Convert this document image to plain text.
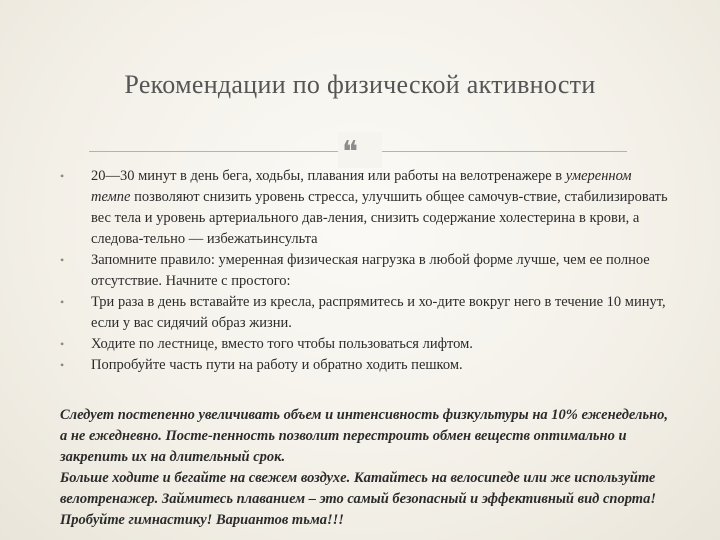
Рекомендации по физической активности
❝
•	20—30 минут в день бега, ходьбы, плавания или работы на велотренажере в умеренном темпе позволяют снизить уровень стресса, улучшить общее самочув-ствие, стабилизировать вес тела и уровень артериального дав-ления, снизить содержание холестерина в крови, а следова-тельно — избежатьинсульта
•	Запомните правило: умеренная физическая нагрузка в любой форме лучше, чем ее полное отсутствие. Начните с простого:
•	Три раза в день вставайте из кресла, распрямитесь и хо-дите вокруг него в течение 10 минут, если у вас сидячий образ жизни.
•	Ходите по лестнице, вместо того чтобы пользоваться лифтом.
•	Попробуйте часть пути на работу и обратно ходить пешком.

Следует постепенно увеличивать объем и интенсивность физкультуры на 10% еженедельно, а не ежедневно. Посте-пенность позволит перестроить обмен веществ оптимально и закрепить их на длительный срок.

Больше ходите и бегайте на свежем воздухе. Катайтесь на велосипеде или же используйте велотренажер. Займитесь плаванием – это самый безопасный и эффективный вид спорта! Пробуйте гимнастику! Вариантов тьма!!!
